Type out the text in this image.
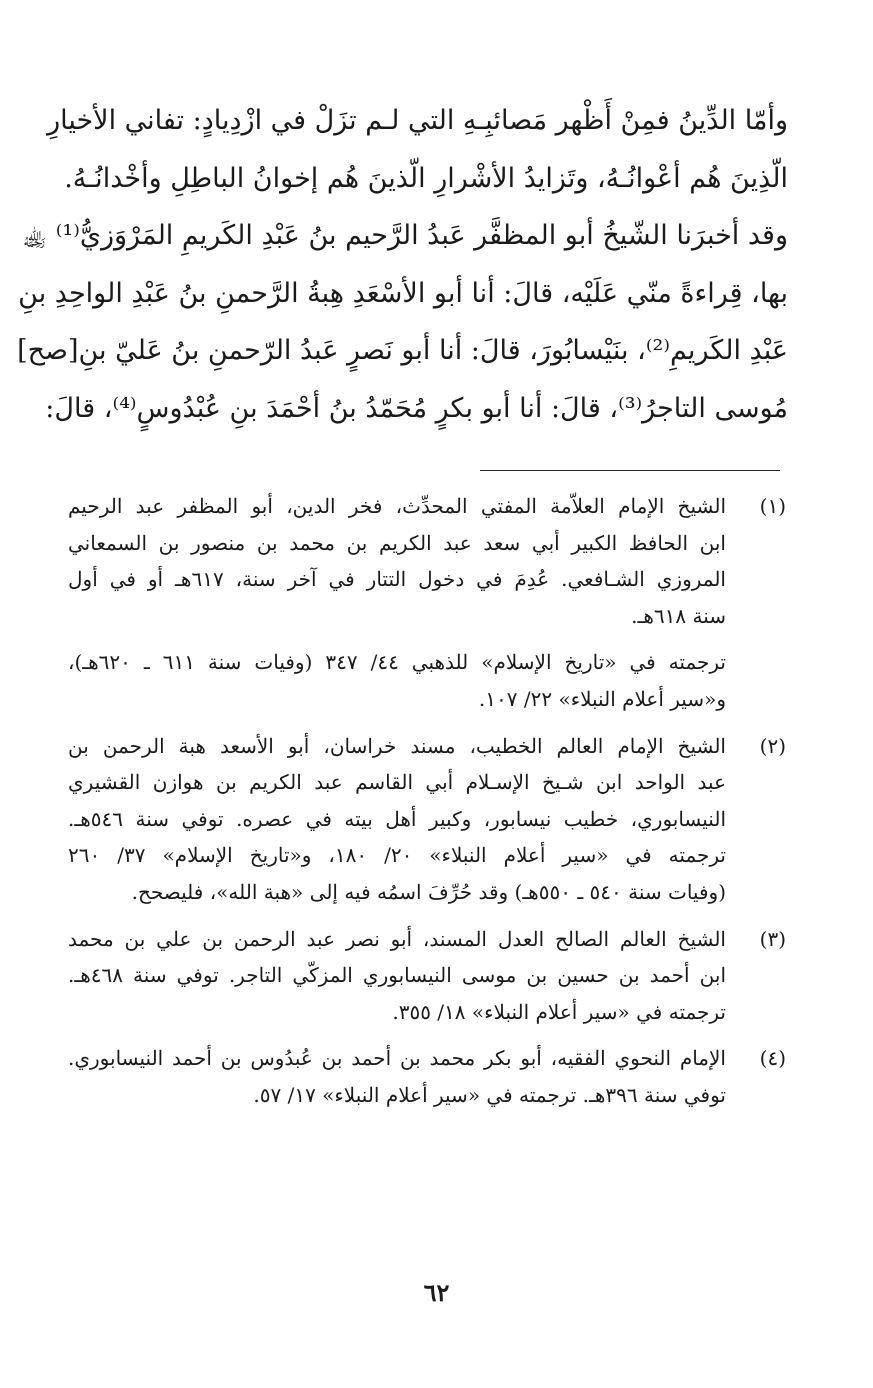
وأمّا الدِّينُ فمِنْ أَظْهر مَصائبِـهِ التي لـم تزَلْ في ازْدِيادٍ: تفاني الأخيارِ

الّذِينَ هُم أعْوانُـهُ، وتَزايدُ الأشْرارِ الّذينَ هُم إخوانُ الباطِلِ وأخْدانُـهُ.

وقد أخبرَنا الشّيخُ أبو المظفَّر عَبدُ الرَّحيم بنُ عَبْدِ الكَريمِ المَرْوَزيُّ⁽¹⁾ ﵀

بها، قِراءةً منّي عَلَيْه، قالَ: أنا أبو الأسْعَدِ هِبةُ الرَّحمنِ بنُ عَبْدِ الواحِدِ بنِ

عَبْدِ الكَريمِ⁽²⁾، بنَيْسابُورَ، قالَ: أنا أبو نَصرٍ عَبدُ الرّحمنِ بنُ عَليّ بنِ[صح]

مُوسى التاجرُ⁽³⁾، قالَ: أنا أبو بكرٍ مُحَمّدُ بنُ أحْمَدَ بنِ عُبْدُوسٍ⁽⁴⁾، قالَ:

(١)

الشيخ الإمام العلاّمة المفتي المحدِّث، فخر الدين، أبو المظفر عبد الرحيم

ابن الحافظ الكبير أبي سعد عبد الكريم بن محمد بن منصور بن السمعاني

المروزي الشـافعي. عُدِمَ في دخول التتار في آخر سنة، ٦١٧هـ أو في أول

سنة ٦١٨هـ.

ترجمته في «تاريخ الإسلام» للذهبي ٤٤/ ٣٤٧ (وفيات سنة ٦١١ ـ ٦٢٠هـ)،

و«سير أعلام النبلاء» ٢٢/ ١٠٧.

(٢)

الشيخ الإمام العالم الخطيب، مسند خراسان، أبو الأسعد هبة الرحمن بن

عبد الواحد ابن شـيخ الإسـلام أبي القاسم عبد الكريم بن هوازن القشيري

النيسابوري، خطيب نيسابور، وكبير أهل بيته في عصره. توفي سنة ٥٤٦هـ.

ترجمته في «سير أعلام النبلاء» ٢٠/ ١٨٠، و«تاريخ الإسلام» ٣٧/ ٢٦٠

(وفيات سنة ٥٤٠ ـ ٥٥٠هـ) وقد حُرِّفَ اسمُه فيه إلى «هبة الله»، فليصحح.

(٣)

الشيخ العالم الصالح العدل المسند، أبو نصر عبد الرحمن بن علي بن محمد

ابن أحمد بن حسين بن موسى النيسابوري المزكّي التاجر. توفي سنة ٤٦٨هـ.

ترجمته في «سير أعلام النبلاء» ١٨/ ٣٥٥.

(٤)

الإمام النحوي الفقيه، أبو بكر محمد بن أحمد بن عُبدُوس بن أحمد النيسابوري.

توفي سنة ٣٩٦هـ. ترجمته في «سير أعلام النبلاء» ١٧/ ٥٧.

٦٢
